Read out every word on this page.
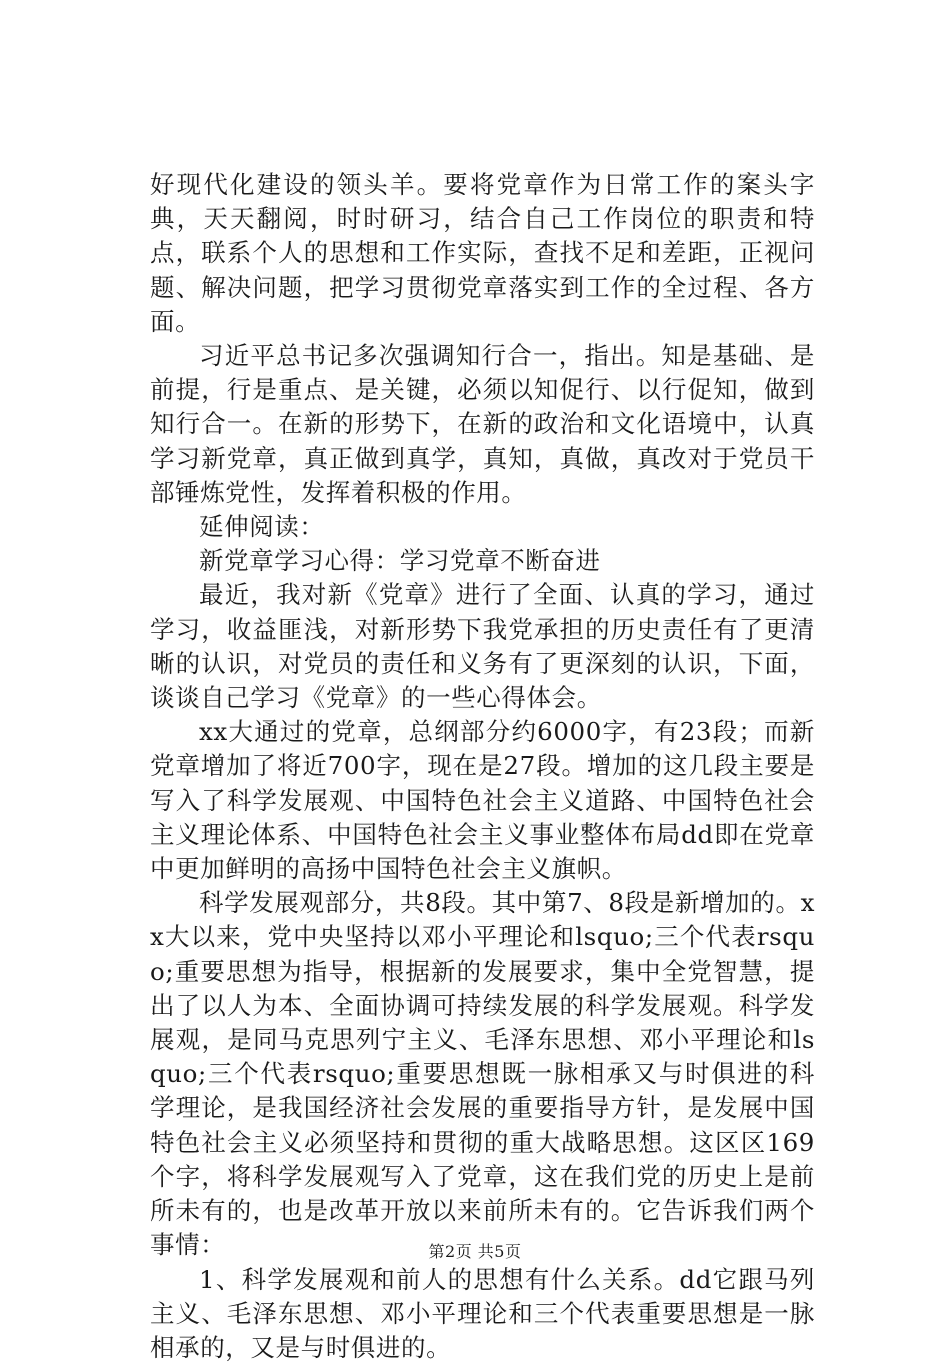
好现代化建设的领头羊。要将党章作为日常工作的案头字典，天天翻阅，时时研习，结合自己工作岗位的职责和特点，联系个人的思想和工作实际，查找不足和差距，正视问题、解决问题，把学习贯彻党章落实到工作的全过程、各方面。

习近平总书记多次强调知行合一，指出。知是基础、是前提，行是重点、是关键，必须以知促行、以行促知，做到知行合一。在新的形势下，在新的政治和文化语境中，认真学习新党章，真正做到真学，真知，真做，真改对于党员干部锤炼党性，发挥着积极的作用。

延伸阅读：

新党章学习心得：学习党章不断奋进

最近，我对新《党章》进行了全面、认真的学习，通过学习，收益匪浅，对新形势下我党承担的历史责任有了更清晰的认识，对党员的责任和义务有了更深刻的认识，下面，谈谈自己学习《党章》的一些心得体会。

xx大通过的党章，总纲部分约6000字，有23段；而新党章增加了将近700字，现在是27段。增加的这几段主要是写入了科学发展观、中国特色社会主义道路、中国特色社会主义理论体系、中国特色社会主义事业整体布局dd即在党章中更加鲜明的高扬中国特色社会主义旗帜。

科学发展观部分，共8段。其中第7、8段是新增加的。xx大以来，党中央坚持以邓小平理论和lsquo;三个代表rsquo;重要思想为指导，根据新的发展要求，集中全党智慧，提出了以人为本、全面协调可持续发展的科学发展观。科学发展观，是同马克思列宁主义、毛泽东思想、邓小平理论和lsquo;三个代表rsquo;重要思想既一脉相承又与时俱进的科学理论，是我国经济社会发展的重要指导方针，是发展中国特色社会主义必须坚持和贯彻的重大战略思想。这区区169个字，将科学发展观写入了党章，这在我们党的历史上是前所未有的，也是改革开放以来前所未有的。它告诉我们两个事情：

1、科学发展观和前人的思想有什么关系。dd它跟马列主义、毛泽东思想、邓小平理论和三个代表重要思想是一脉相承的，又是与时俱进的。

第2页 共5页
